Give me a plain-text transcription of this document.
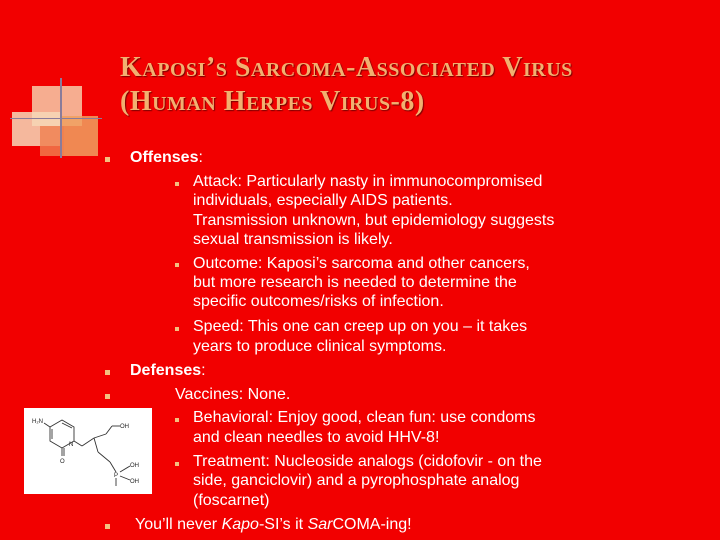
Kaposi’s Sarcoma-Associated Virus
(Human Herpes Virus-8)
Offenses:
Attack: Particularly nasty in immunocompromised
individuals, especially AIDS patients.
Transmission unknown, but epidemiology suggests
sexual transmission is likely.
Outcome: Kaposi’s sarcoma and other cancers,
but more research is needed to determine the
specific outcomes/risks of infection.
Speed: This one can creep up on you – it takes
years to produce clinical symptoms.
Defenses:
Vaccines: None.
Behavioral: Enjoy good, clean fun: use condoms
and clean needles to avoid HHV-8!
Treatment: Nucleoside analogs (cidofovir - on the
side, ganciclovir) and a pyrophosphate analog
(foscarnet)
You’ll never Kapo-SI’s it SarCOMA-ing!
H₂N
N
O
OH
P
OH
OH
